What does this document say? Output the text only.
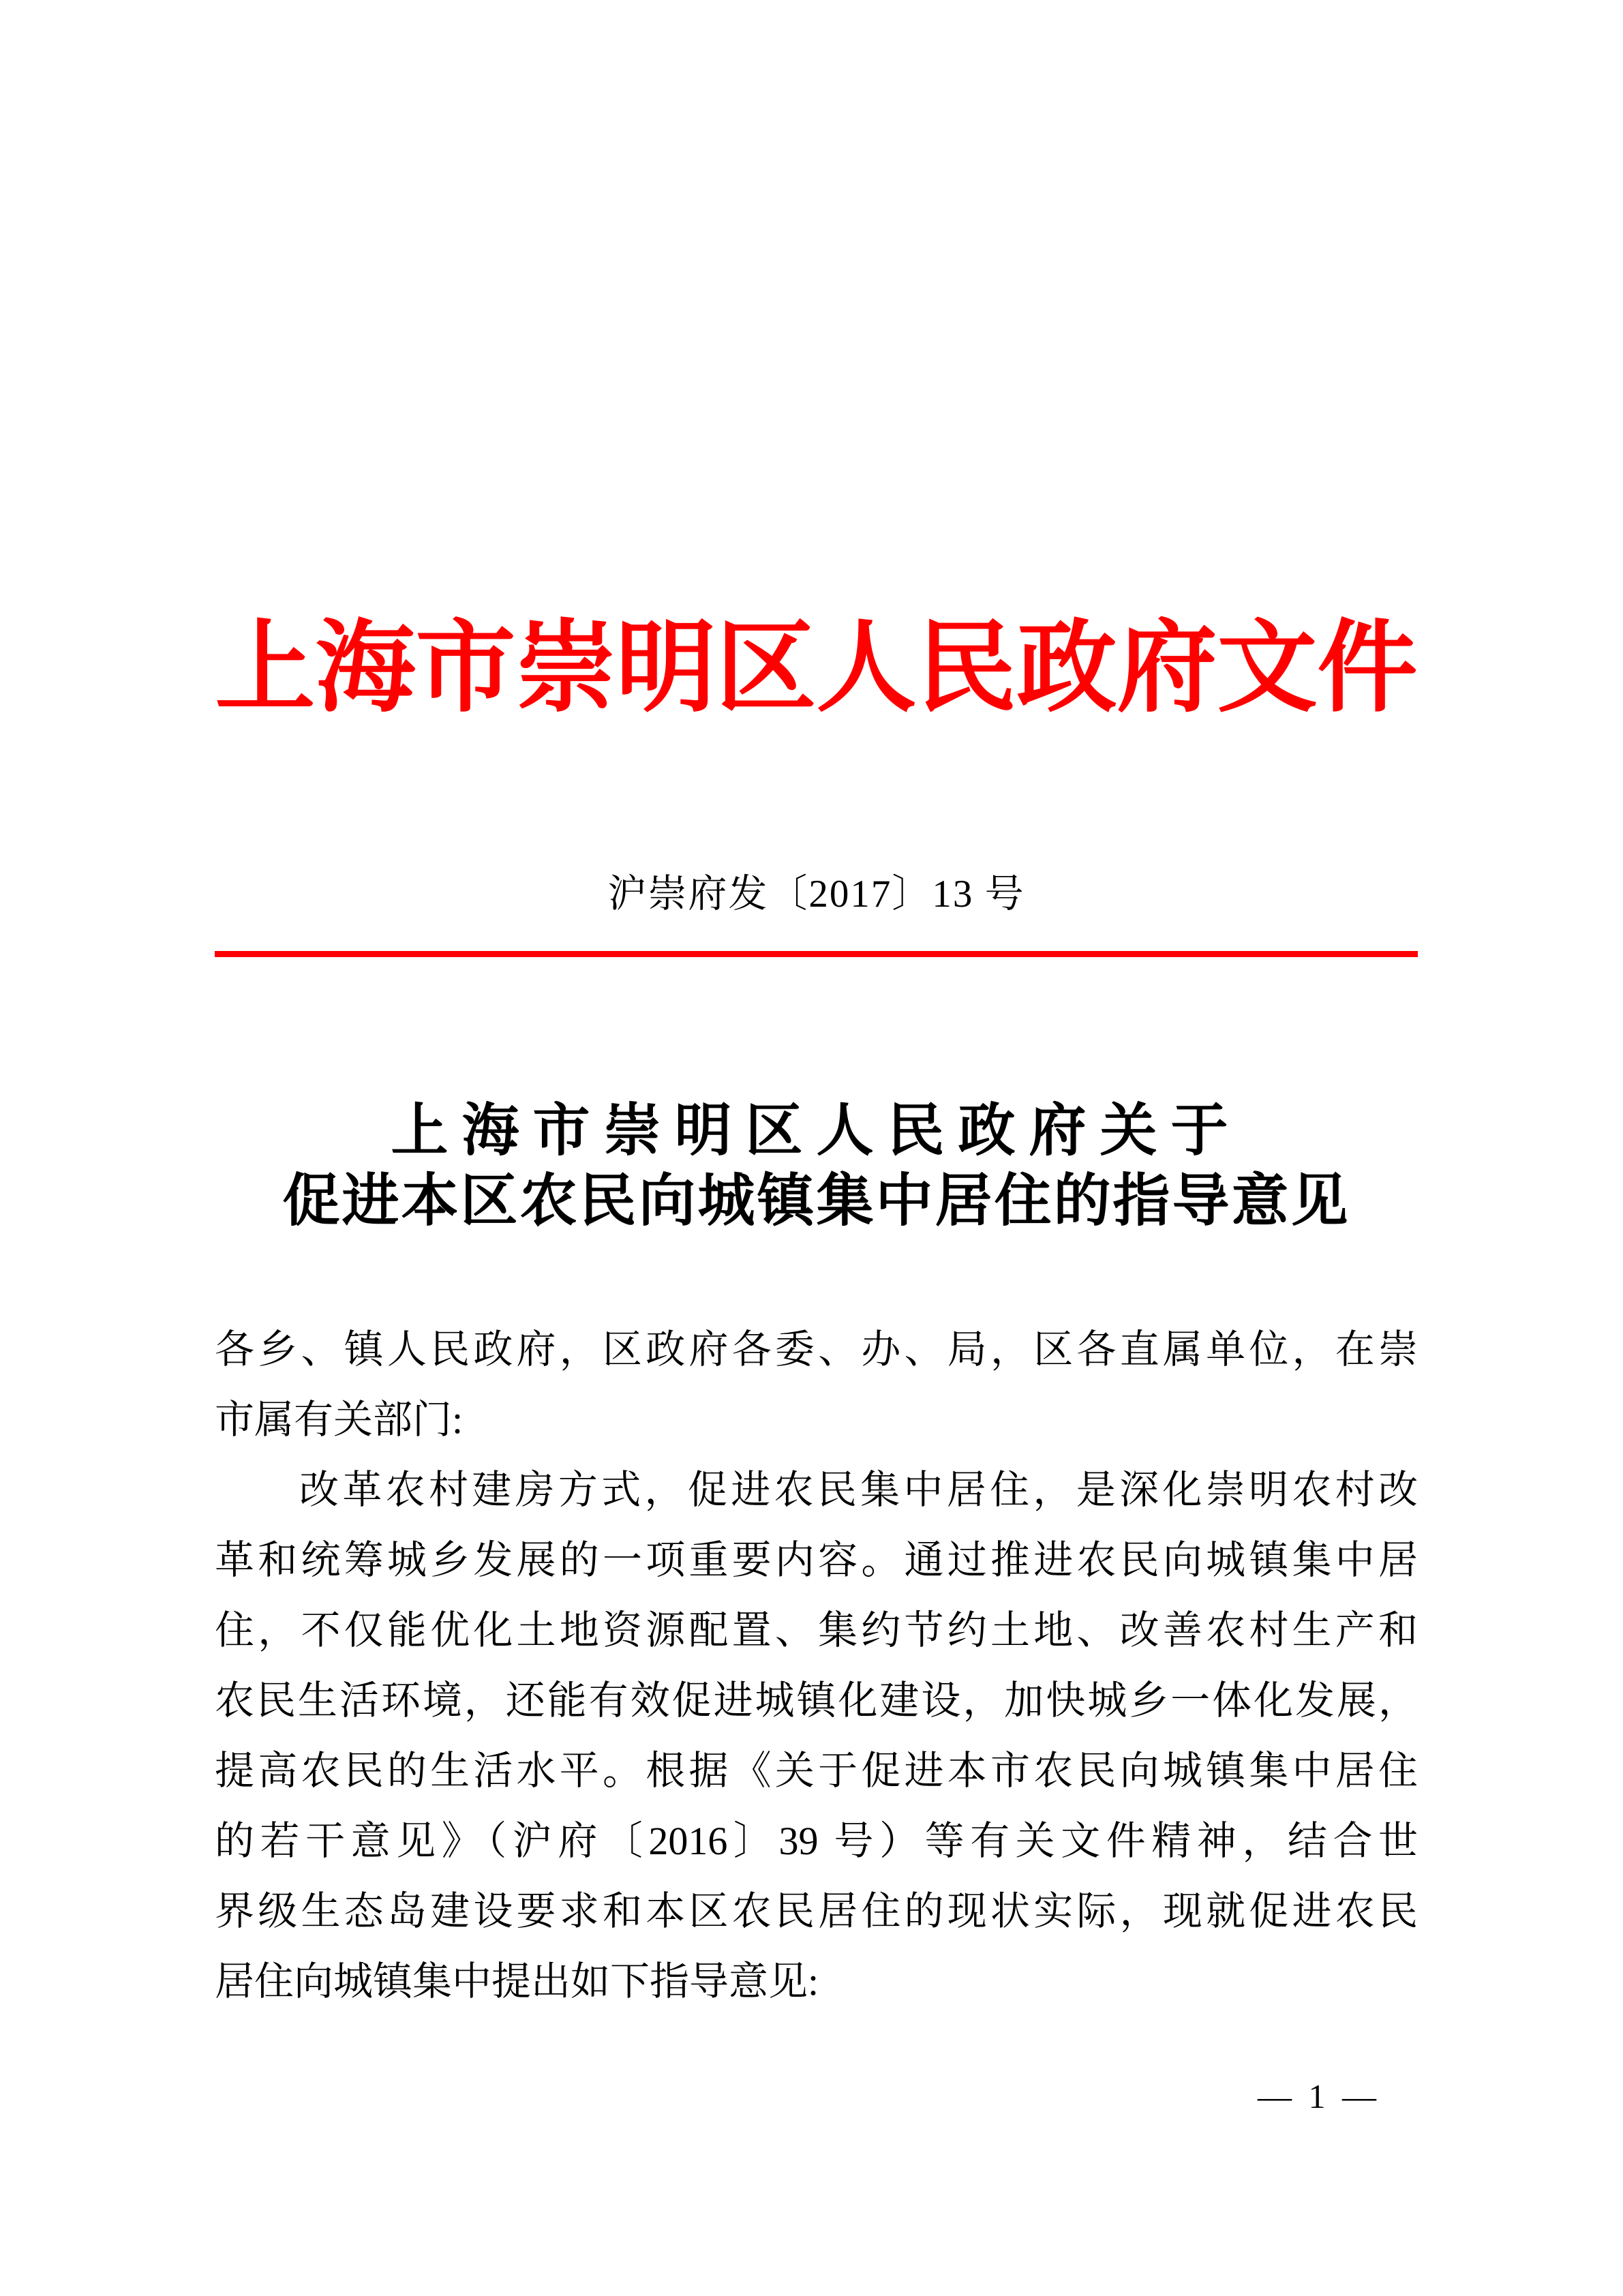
上海市崇明区人民政府文件
沪崇府发〔2017〕13 号
上海市崇明区人民政府关于
促进本区农民向城镇集中居住的指导意见
各乡、镇人民政府，区政府各委、办、局，区各直属单位，在崇
市属有关部门:
改革农村建房方式，促进农民集中居住，是深化崇明农村改
革和统筹城乡发展的一项重要内容。通过推进农民向城镇集中居
住，不仅能优化土地资源配置、集约节约土地、改善农村生产和
农民生活环境，还能有效促进城镇化建设，加快城乡一体化发展，
提高农民的生活水平。根据《关于促进本市农民向城镇集中居住
的若干意见》（沪府〔2016〕39 号）等有关文件精神，结合世
界级生态岛建设要求和本区农民居住的现状实际，现就促进农民
居住向城镇集中提出如下指导意见:
— 1 —
